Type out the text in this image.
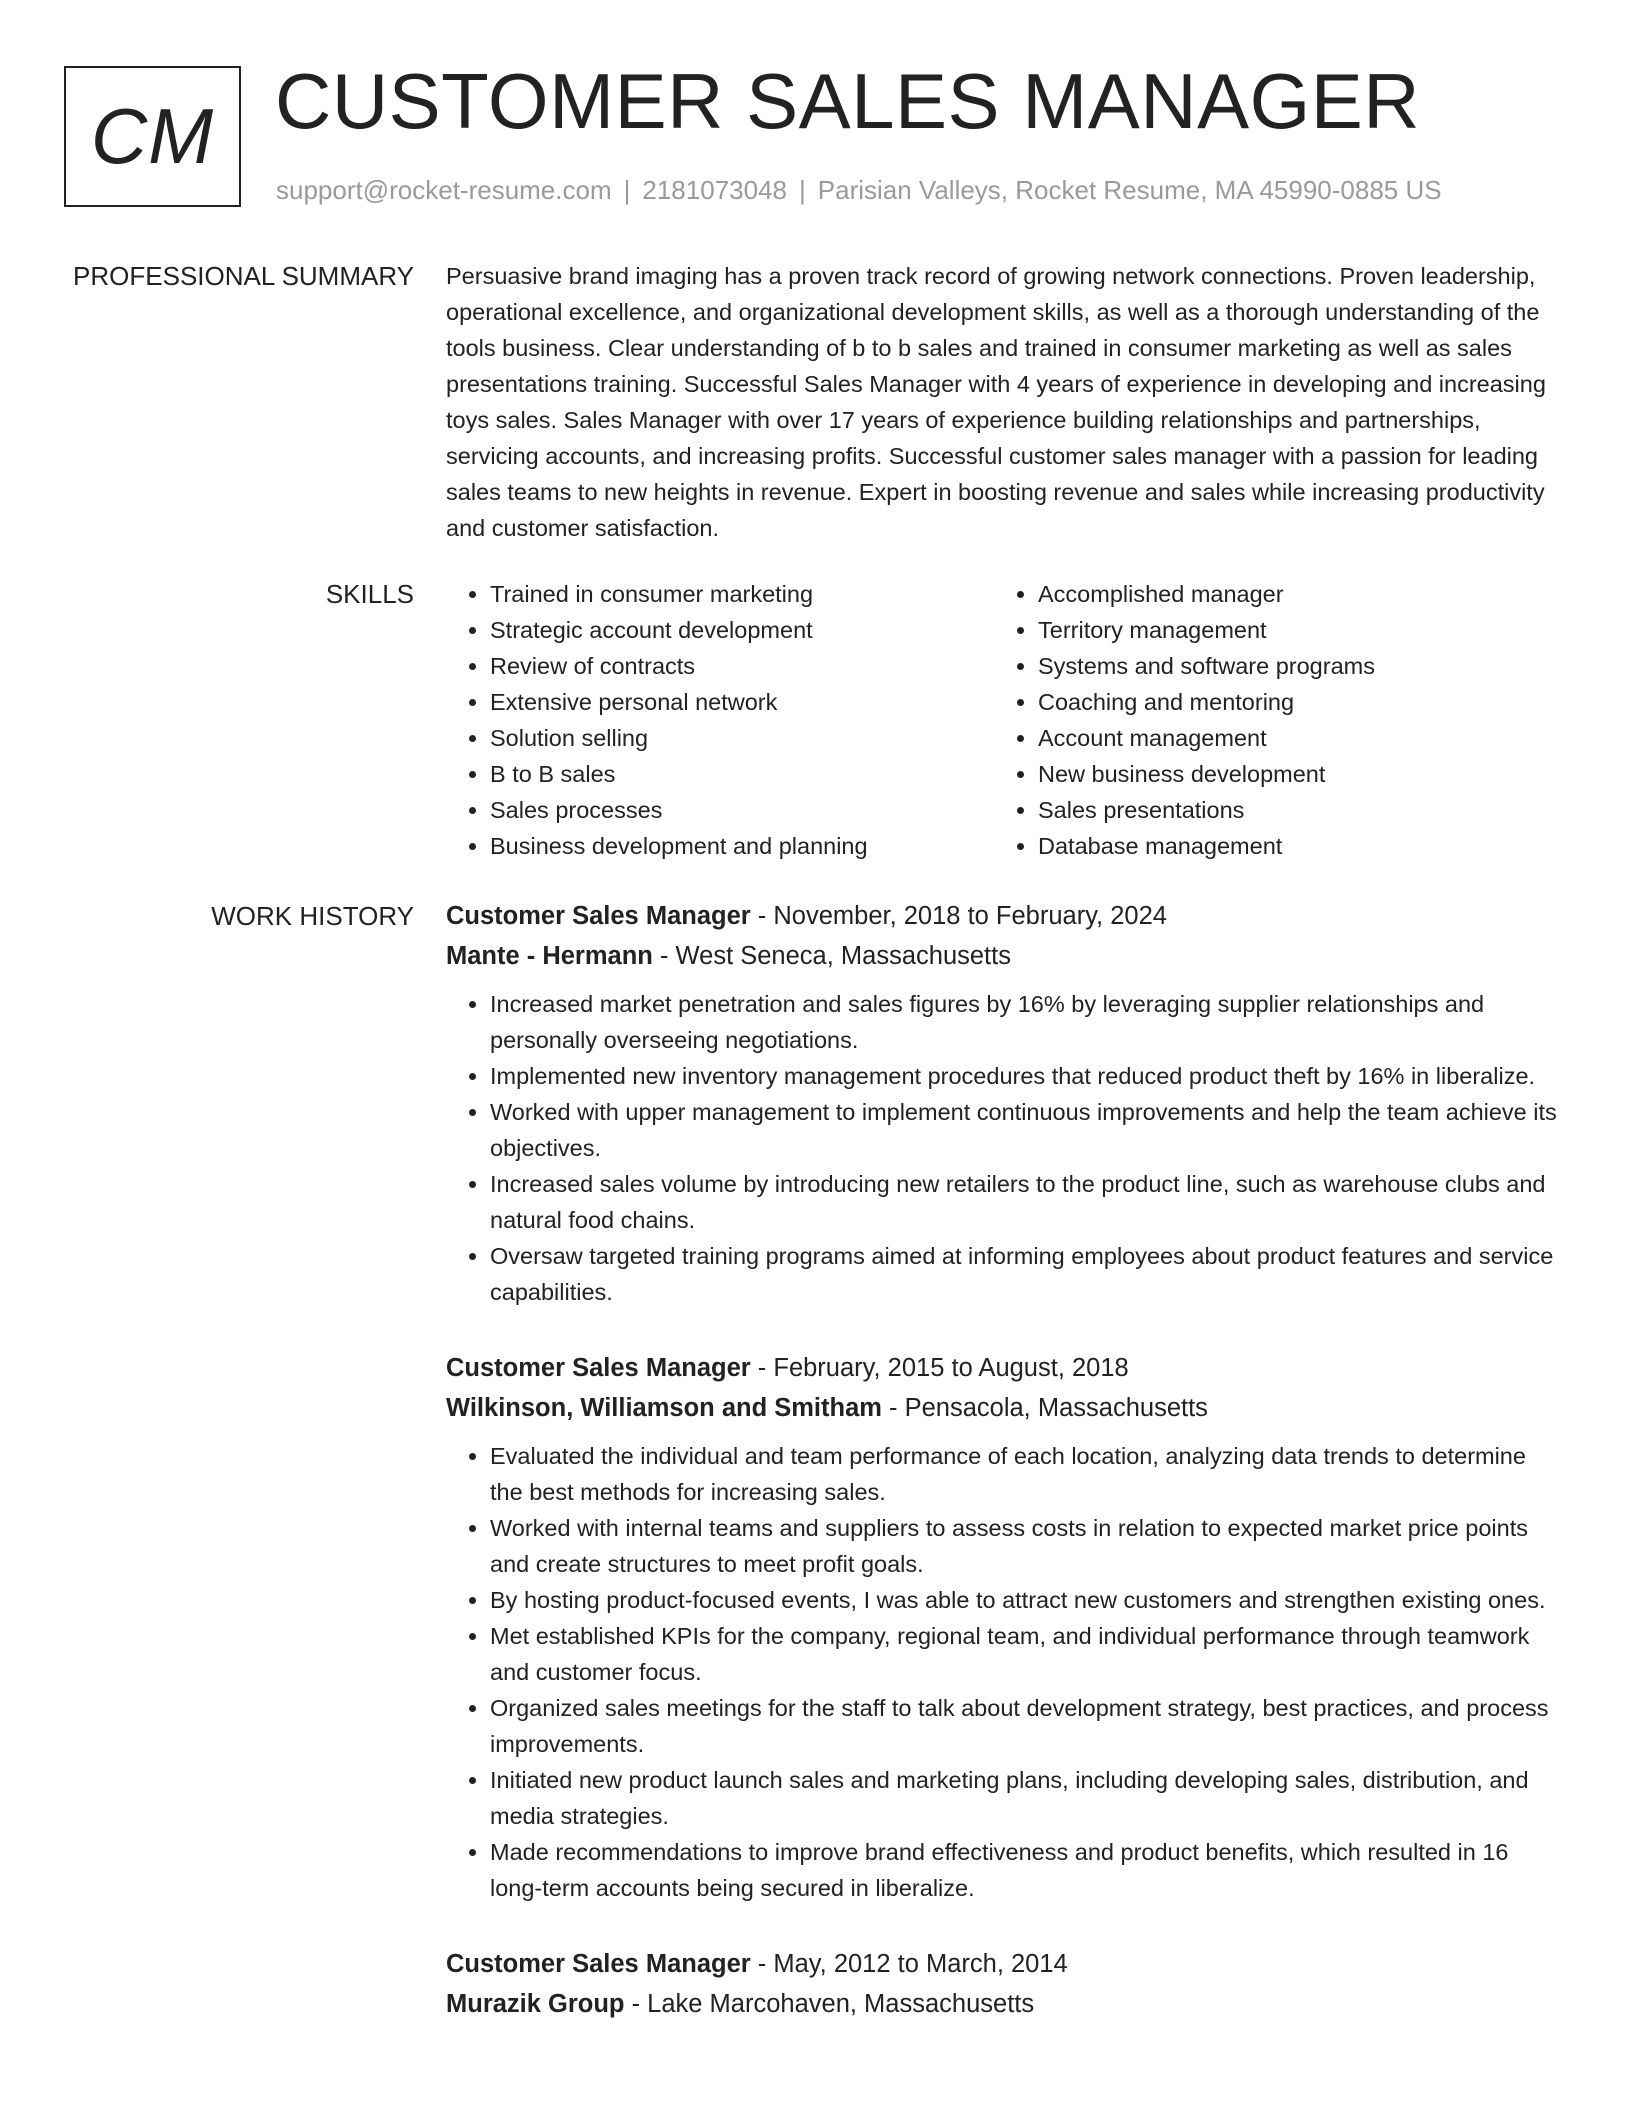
CM CUSTOMER SALES MANAGER
support@rocket-resume.com | 2181073048 | Parisian Valleys, Rocket Resume, MA 45990-0885 US
PROFESSIONAL SUMMARY Persuasive brand imaging has a proven track record of growing network connections. Proven leadership, operational excellence, and organizational development skills, as well as a thorough understanding of the tools business. Clear understanding of b to b sales and trained in consumer marketing as well as sales presentations training. Successful Sales Manager with 4 years of experience in developing and increasing toys sales. Sales Manager with over 17 years of experience building relationships and partnerships, servicing accounts, and increasing profits. Successful customer sales manager with a passion for leading sales teams to new heights in revenue. Expert in boosting revenue and sales while increasing productivity and customer satisfaction.

SKILLS
•	Trained in consumer marketing
• Strategic account development
• Review of contracts
• Extensive personal network
• Solution selling
• B to B sales
• Sales processes
• Business development and planning
• Accomplished manager
• Territory management
• Systems and software programs
• Coaching and mentoring
• Account management
• New business development
• Sales presentations
• Database management
WORK HISTORY Customer Sales Manager - November, 2018 to February, 2024
Mante - Hermann - West Seneca, Massachusetts
• Increased market penetration and sales figures by 16% by leveraging supplier relationships and personally overseeing negotiations.
• Implemented new inventory management procedures that reduced product theft by 16% in liberalize.
• Worked with upper management to implement continuous improvements and help the team achieve its objectives.
• Increased sales volume by introducing new retailers to the product line, such as warehouse clubs and natural food chains.
• Oversaw targeted training programs aimed at informing employees about product features and service capabilities.
Customer Sales Manager - February, 2015 to August, 2018
Wilkinson, Williamson and Smitham - Pensacola, Massachusetts
• Evaluated the individual and team performance of each location, analyzing data trends to determine the best methods for increasing sales.
• Worked with internal teams and suppliers to assess costs in relation to expected market price points and create structures to meet profit goals.
• By hosting product-focused events, I was able to attract new customers and strengthen existing ones.
• Met established KPIs for the company, regional team, and individual performance through teamwork and customer focus.
• Organized sales meetings for the staff to talk about development strategy, best practices, and process improvements.
• Initiated new product launch sales and marketing plans, including developing sales, distribution, and media strategies.
• Made recommendations to improve brand effectiveness and product benefits, which resulted in 16 long-term accounts being secured in liberalize.
Customer Sales Manager - May, 2012 to March, 2014
Murazik Group - Lake Marcohaven, Massachusetts
